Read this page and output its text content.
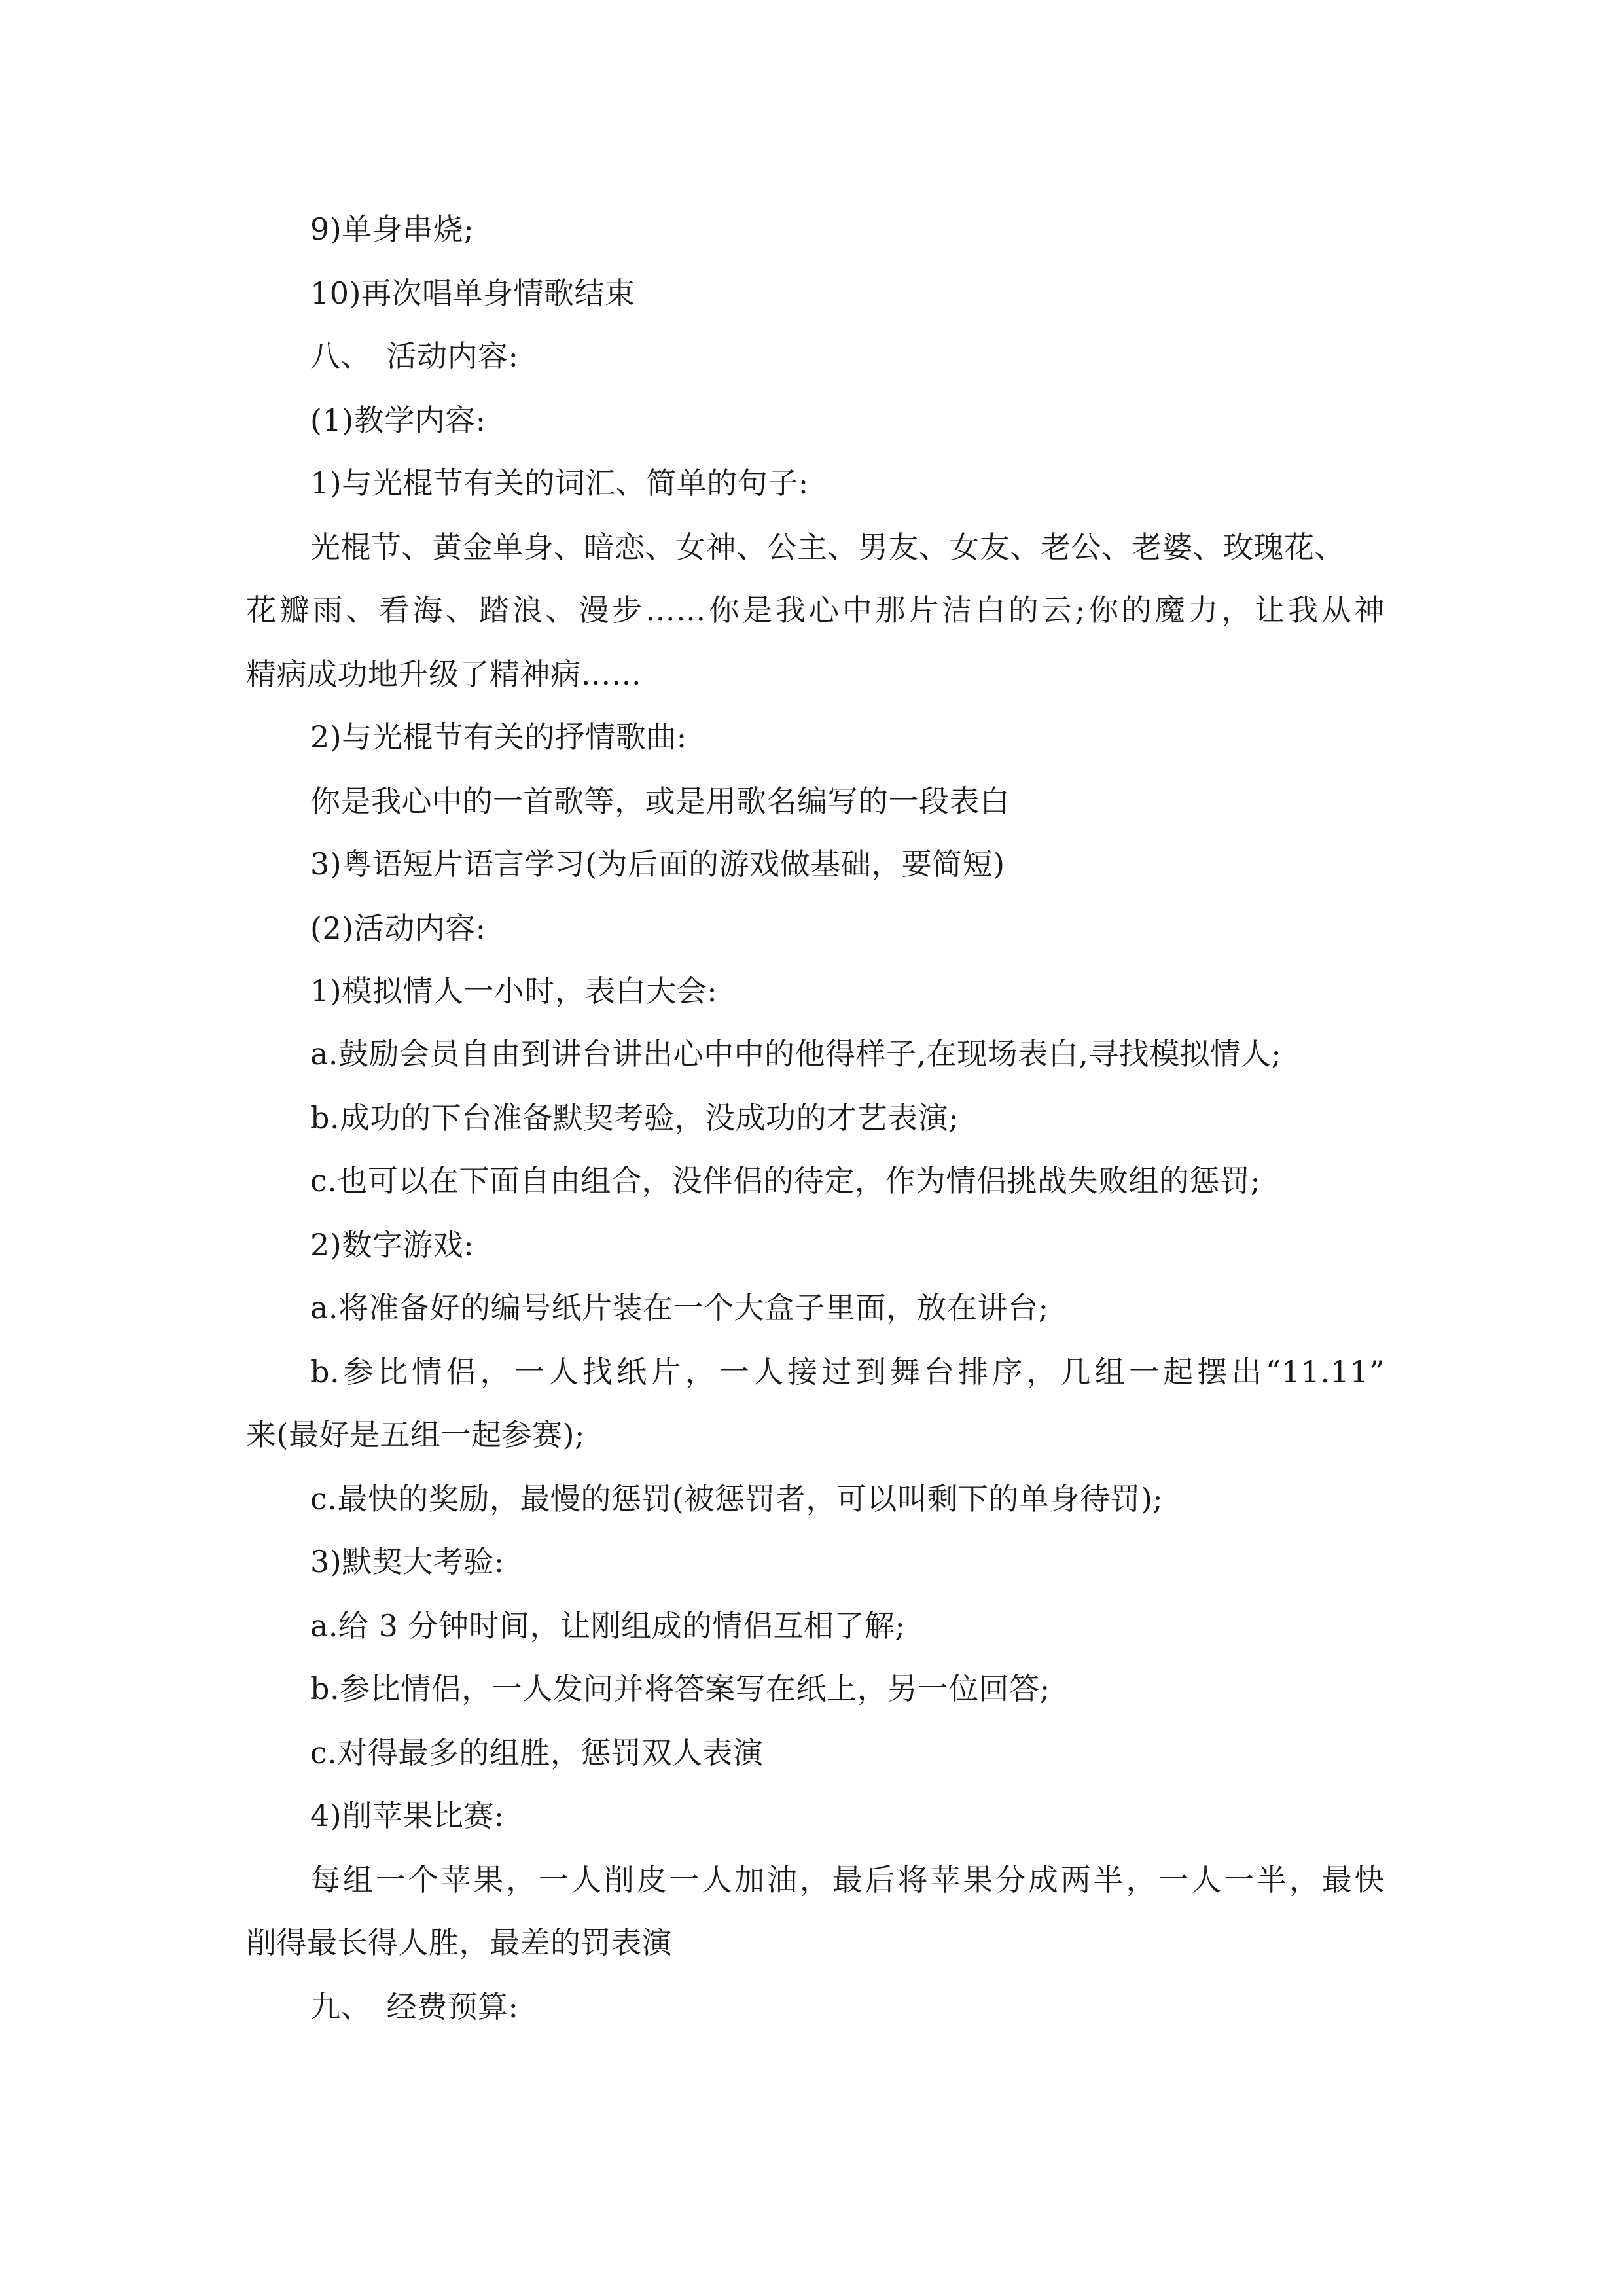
9)单身串烧;
10)再次唱单身情歌结束
八、　活动内容:
(1)教学内容:
1)与光棍节有关的词汇、简单的句子:
光棍节、黄金单身、暗恋、女神、公主、男友、女友、老公、老婆、玫瑰花、
花瓣雨、看海、踏浪、漫步……你是我心中那片洁白的云;你的魔力，让我从神
精病成功地升级了精神病……
2)与光棍节有关的抒情歌曲:
你是我心中的一首歌等，或是用歌名编写的一段表白
3)粤语短片语言学习(为后面的游戏做基础，要简短)
(2)活动内容:
1)模拟情人一小时，表白大会:
a.鼓励会员自由到讲台讲出心中中的他得样子,在现场表白,寻找模拟情人;
b.成功的下台准备默契考验，没成功的才艺表演;
c.也可以在下面自由组合，没伴侣的待定，作为情侣挑战失败组的惩罚;
2)数字游戏:
a.将准备好的编号纸片装在一个大盒子里面，放在讲台;
b.参比情侣，一人找纸片，一人接过到舞台排序，几组一起摆出“11.11”
来(最好是五组一起参赛);
c.最快的奖励，最慢的惩罚(被惩罚者，可以叫剩下的单身待罚);
3)默契大考验:
a.给 3 分钟时间，让刚组成的情侣互相了解;
b.参比情侣，一人发问并将答案写在纸上，另一位回答;
c.对得最多的组胜，惩罚双人表演
4)削苹果比赛:
每组一个苹果，一人削皮一人加油，最后将苹果分成两半，一人一半，最快
削得最长得人胜，最差的罚表演
九、　经费预算:
